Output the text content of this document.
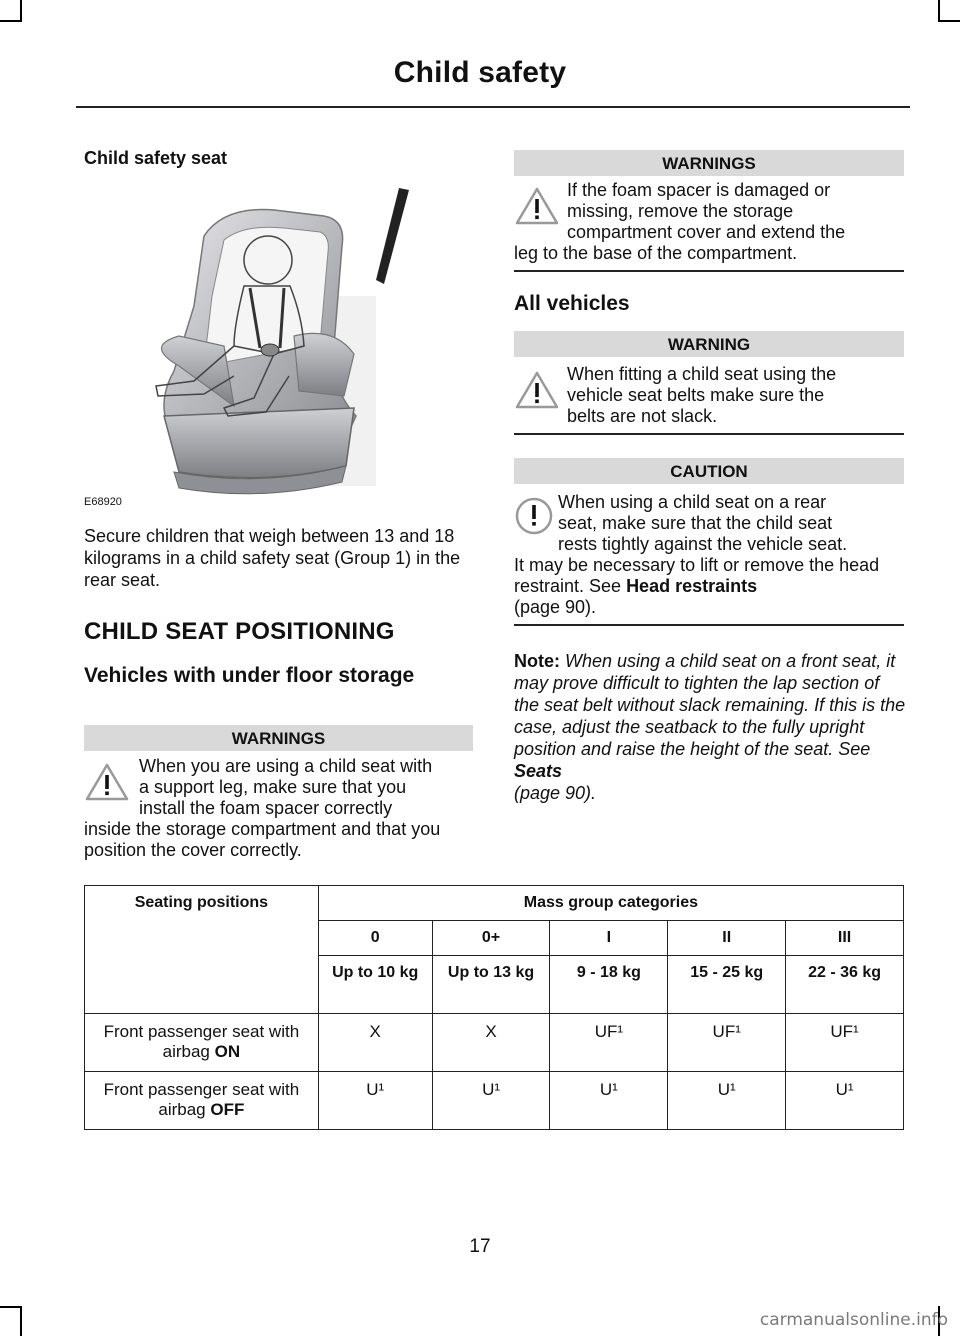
Child safety
Child safety seat
E68920

Secure children that weigh between 13 and 18 kilograms in a child safety seat (Group 1) in the rear seat.

CHILD SEAT POSITIONING
Vehicles with under floor storage
WARNINGS
When you are using a child seat with
a support leg, make sure that you
install the foam spacer correctly
inside the storage compartment and that you position the cover correctly.
WARNINGS
If the foam spacer is damaged or
missing, remove the storage
compartment cover and extend the
leg to the base of the compartment.
All vehicles
WARNING
When fitting a child seat using the
vehicle seat belts make sure the
belts are not slack.
CAUTION
When using a child seat on a rear
seat, make sure that the child seat
rests tightly against the vehicle seat.
It may be necessary to lift or remove the head restraint. See Head restraints
(page 90).
Note: When using a child seat on a front seat, it may prove difficult to tighten the lap section of the seat belt without slack remaining. If this is the case, adjust the seatback to the fully upright position and raise the height of the seat. See Seats
(page 90).
Seating positions	Mass group categories				
	0	0+	I	II	III
	Up to 10 kg	Up to 13 kg	9 - 18 kg	15 - 25 kg	22 - 36 kg
Front passenger seat with airbag ON	X	X	UF¹	UF¹	UF¹
Front passenger seat with airbag OFF	U¹	U¹	U¹	U¹	U¹
17
carmanualsonline.info
